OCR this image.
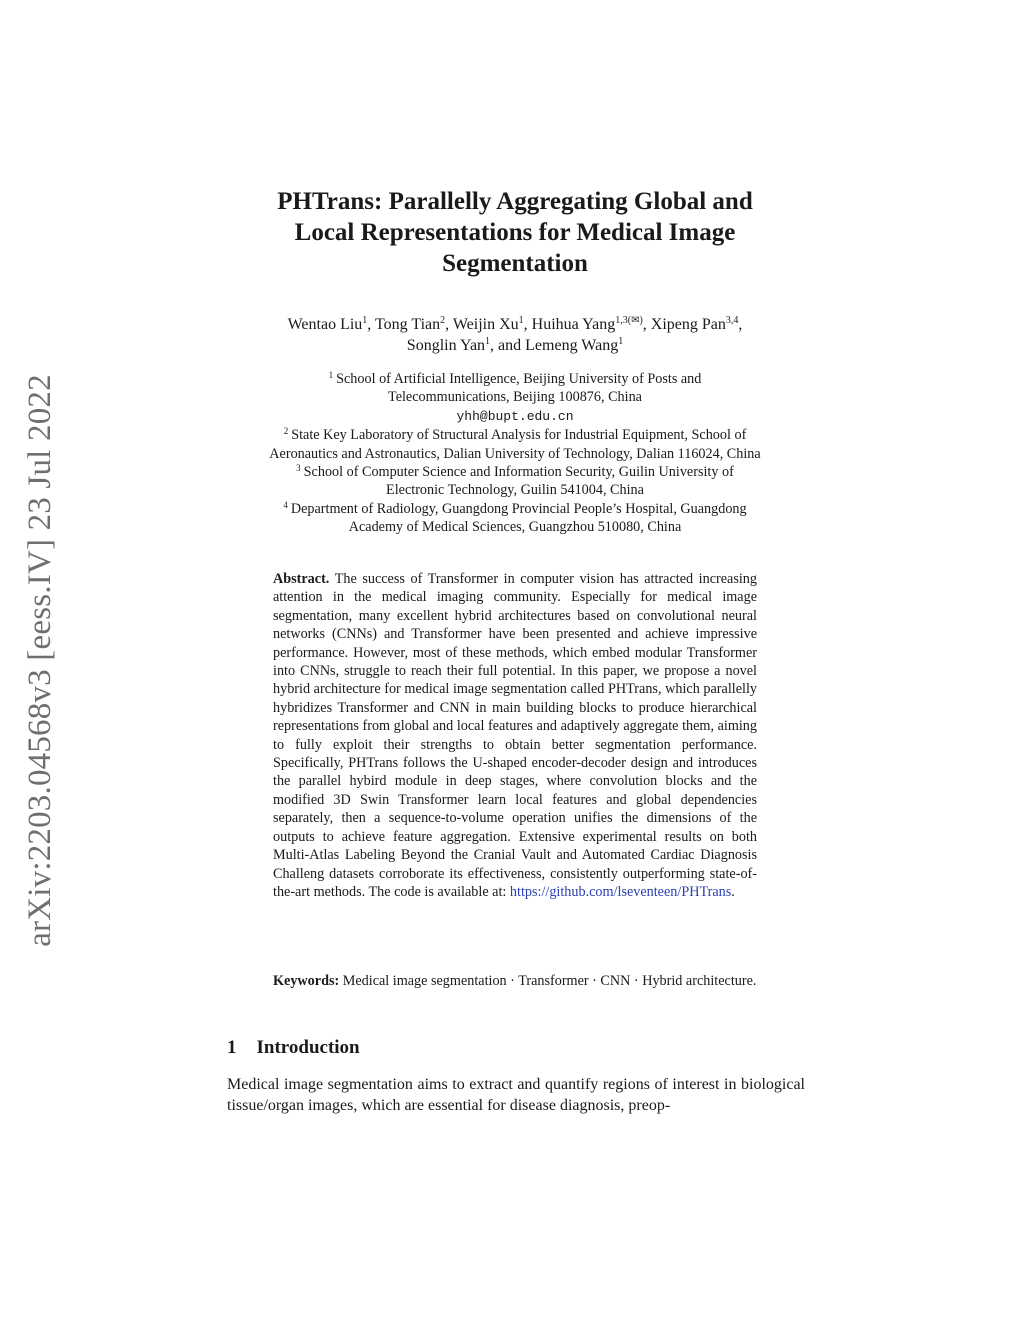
arXiv:2203.04568v3 [eess.IV] 23 Jul 2022
PHTrans: Parallelly Aggregating Global and
Local Representations for Medical Image
Segmentation
Wentao Liu$^1$, Tong Tian$^2$, Weijin Xu$^1$, Huihua Yang$^{1,3(✉)}$, Xipeng Pan$^{3,4}$,
Songlin Yan$^1$, and Lemeng Wang$^1$
$^1$ School of Artificial Intelligence, Beijing University of Posts and
Telecommunications, Beijing 100876, China
yhh@bupt.edu.cn
$^2$ State Key Laboratory of Structural Analysis for Industrial Equipment, School of
Aeronautics and Astronautics, Dalian University of Technology, Dalian 116024, China
$^3$ School of Computer Science and Information Security, Guilin University of
Electronic Technology, Guilin 541004, China
$^4$ Department of Radiology, Guangdong Provincial People’s Hospital, Guangdong
Academy of Medical Sciences, Guangzhou 510080, China
Abstract. The success of Transformer in computer vision has attracted increasing attention in the medical imaging community. Especially for medical image segmentation, many excellent hybrid architectures based on convolutional neural networks (CNNs) and Transformer have been presented and achieve impressive performance. However, most of these methods, which embed modular Transformer into CNNs, struggle to reach their full potential. In this paper, we propose a novel hybrid architecture for medical image segmentation called PHTrans, which parallelly hybridizes Transformer and CNN in main building blocks to produce hierarchical representations from global and local features and adaptively aggregate them, aiming to fully exploit their strengths to obtain better segmentation performance. Specifically, PHTrans follows the U-shaped encoder-decoder design and introduces the parallel hybird module in deep stages, where convolution blocks and the modified 3D Swin Transformer learn local features and global dependencies separately, then a sequence-to-volume operation unifies the dimensions of the outputs to achieve feature aggregation. Extensive experimental results on both Multi-Atlas Labeling Beyond the Cranial Vault and Automated Cardiac Diagnosis Challeng datasets corroborate its effectiveness, consistently outperforming state-of-the-art methods. The code is available at: https://github.com/lseventeen/PHTrans.
Keywords: Medical image segmentation · Transformer · CNN · Hybrid architecture.
1 Introduction

Medical image segmentation aims to extract and quantify regions of interest in biological tissue/organ images, which are essential for disease diagnosis, preop-
